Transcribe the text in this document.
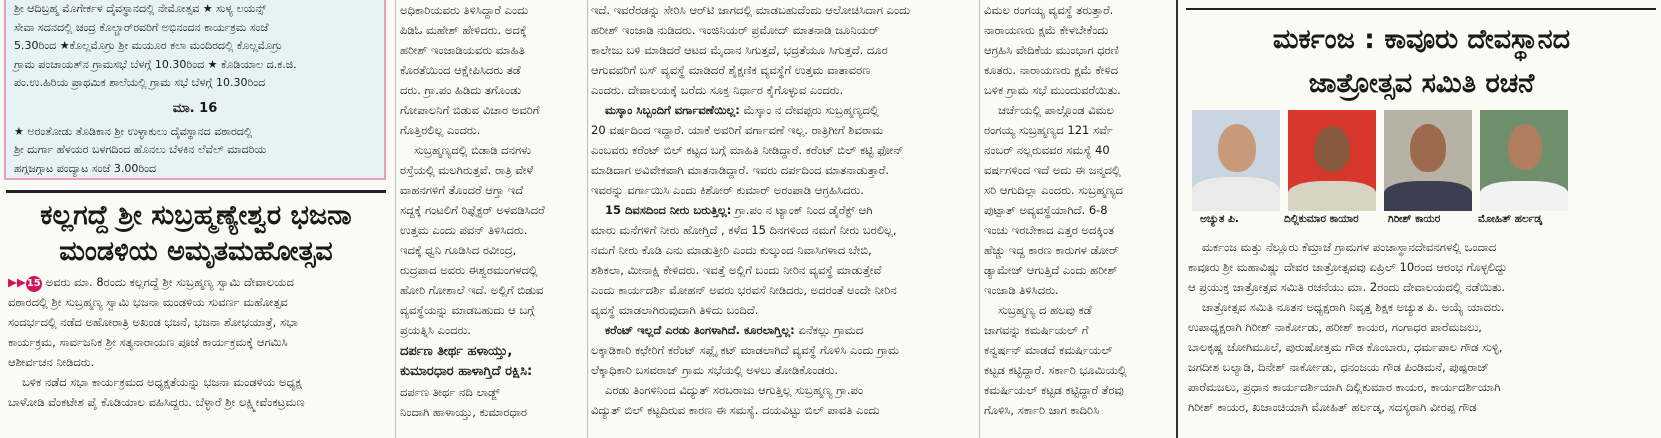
ಶ್ರೀ ಆದಿಬ್ರಹ್ಮ ಮೊಗೇರ್ಕಳ ದೈವಸ್ಥಾನದಲ್ಲಿ ನೇಮೋತ್ಸವ ★ ಸುಳ್ಯ ಲಯನ್ಸ್

ಸೇವಾ ಸದನದಲ್ಲಿ ಚಂದ್ರ ಕೊಲ್ಚಾರ್‌ರವರಿಗೆ ಅಭಿನಂದನ ಕಾರ್ಯಕ್ರಮ ಸಂಜೆ

5.30ರಿಂದ ★ಕೊಲ್ಲಮೊಗ್ರು ಶ್ರೀ ಮಯೂರ ಕಲಾ ಮಂದಿರದಲ್ಲಿ ಕೊಲ್ಲಮೊಗ್ರು

ಗ್ರಾಮ ಪಂಚಾಯತ್‌ನ ಗ್ರಾಮಸಭೆ ಬೆಳಗ್ಗೆ 10.30ರಿಂದ ★ ಕೊಡಿಯಾಲ ದ.ಕ.ಜಿ.

ಪಂ.ಉ.ಹಿರಿಯ ಪ್ರಾಥಮಿಕ ಶಾಲೆಯಲ್ಲಿ ಗ್ರಾಮ ಸಭೆ ಬೆಳಗ್ಗೆ 10.30ರಿಂದ

ಮಾ. 16

★ ಅರಂತೋಡು ತೊಡಿಕಾನ ಶ್ರೀ ಉಳ್ಳಾಕುಲು ದೈವಸ್ಥಾನದ ವಠಾರದಲ್ಲಿ

ಶ್ರೀ ದುರ್ಗಾ ಹೆಳಯರ ಬಳಗದಿಂದ ಹೊನಲು ಬೆಳಕಿನ ಲೆವೆಲ್ ಮಾದರಿಯ

ಹಗ್ಗಜಗ್ಗಾಟ ಪಂದ್ಯಾಟ ಸಂಜೆ 3.00ರಿಂದ

ಕಲ್ಲಗದ್ದೆ ಶ್ರೀ ಸುಬ್ರಹ್ಮಣ್ಯೇಶ್ವರ ಭಜನಾ

ಮಂಡಳಿಯ ಅಮೃತಮಹೋತ್ಸವ

▶▶15 ಅವರು ಮಾ. 8ರಂದು ಕಲ್ಲಗದ್ದೆ ಶ್ರೀ ಸುಬ್ರಹ್ಮಣ್ಯ ಸ್ವಾಮಿ ದೇವಾಲಯದ

ವಠಾರದಲ್ಲಿ ಶ್ರೀ ಸುಬ್ರಹ್ಮಣ್ಯ ಸ್ವಾಮಿ ಭಜನಾ ಮಂಡಳಿಯ ಸುವರ್ಣ ಮಹೋತ್ಸವ

ಸಂದರ್ಭದಲ್ಲಿ ನಡೆದ ಅಹೋರಾತ್ರಿ ಅಖಂಡ ಭಜನೆ, ಭಜನಾ ಶೋಭಯಾತ್ರೆ, ಸಭಾ

ಕಾರ್ಯಕ್ರಮ, ಸಾರ್ವಜನಿಕ ಶ್ರೀ ಸತ್ಯನಾರಾಯಣ ಪೂಜೆ ಕಾರ್ಯಕ್ರಮಕ್ಕೆ ಆಗಮಿಸಿ

ಆಶೀರ್ವಚನ ನೀಡಿದರು.

ಬಳಿಕ ನಡೆದ ಸಭಾ ಕಾರ್ಯಕ್ರಮದ ಅಧ್ಯಕ್ಷತೆಯನ್ನು ಭಜನಾ ಮಂಡಳಿಯ ಅಧ್ಯಕ್ಷ

ಬಾಳೋಡಿ ವೆಂಕಟೇಶ ಪೈ ಕೊಡಿಯಾಲ ವಹಿಸಿದ್ದರು. ಬೆಳ್ಳಾರೆ ಶ್ರೀ ಲಕ್ಷ್ಮೀವೆಂಕಟ್ರಮಣ

ಅಧಿಕಾರಿಯವರು ತಿಳಿಸಿದ್ದಾರೆ ಎಂದು

ಪಿಡಿಓ ಮಹೇಶ್ ಹೇಳಿದರು. ಅದಕ್ಕೆ

ಹರೀಶ್ ಇಂಜಾಡಿಯವರು ಮಾಹಿತಿ

ಕೊರತೆಯಿಂದ ಆಕ್ಷೇಪಿಸಿದರು ತಡೆ

ದರು. ಗ್ರಾ.ಪಂ ಹಿಡಿದು ತಗೊಂಡು

ಗೋಪಾಲನಿಗೆ ಬಿಡುವ ವಿಚಾರ ಅವರಿಗೆ

ಗೊತ್ತಿರಲಿಲ್ಲ ಎಂದರು.

ಸುಬ್ರಹ್ಮಣ್ಯದಲ್ಲಿ ಬಿಡಾಡಿ ದನಗಳು

ರಸ್ತೆಯಲ್ಲಿ ಮಲಗಿರುತ್ತವೆ. ರಾತ್ರಿ ವೇಳೆ

ವಾಹನಗಳಿಗೆ ತೊಂದರೆ ಆಗ್ತಾ ಇದೆ

ಸದ್ದಕ್ಕೆ ಗಂಟಲಿಗೆ ರಿಫ್ಲೆಕ್ಟರ್ ಅಳವಡಿಸಿದರೆ

ಉತ್ತಮ ಎಂದು ಪವನ್ ತಿಳಿಸಿದರು.

ಇದಕ್ಕೆ ಧ್ವನಿ ಗೂಡಿಸಿದ ರವೀಂದ್ರ,

ರುದ್ರಪಾದ ಅವರು ಈಶ್ವರಮಂಗಳದಲ್ಲಿ

ಹೋರಿ ಗೋಶಾಲೆ ಇದೆ. ಅಲ್ಲಿಗೆ ಬಿಡುವ

ವ್ಯವಸ್ಥೆಯನ್ನು ಮಾಡಬಹುದು ಆ ಬಗ್ಗೆ

ಪ್ರಯತ್ನಿಸಿ ಎಂದರು.

ದರ್ಪಣ ತೀರ್ಥ ಹಳಾಯ್ತು,

ಕುಮಾರಧಾರ ಹಾಳಾಗ್ತಿದೆ ರಕ್ಷಿಸಿ:

ದರ್ಪಣ ತೀರ್ಥ ನದಿ ಲಾಡ್ಜ್

ನಿಂದಾಗಿ ಹಾಳಾಯ್ತು, ಕುಮಾರಧಾರ

ಇದೆ. ಇವರೆರಡನ್ನು ಸೇರಿಸಿ ಆರ್‌ಟಿ ಜಾಗದಲ್ಲಿ ಮಾಡಬಹುದೆಂದು ಆಲೋಚಿಸಿದಾಗ ಎಂದು

ಹರೀಶ್ ಇಂಜಾಡಿ ನುಡಿದರು. ಇಂಜಿನಿಯರ್ ಪ್ರಮೋದ್ ಮಾತನಾಡಿ ಜೂನಿಯರ್

ಕಾಲೇಜು ಬಳಿ ಮಾಡಿದರೆ ಆಟದ ಮೈದಾನ ಸಿಗುತ್ತದೆ, ಭದ್ರತೆಯೂ ಸಿಗುತ್ತದೆ. ದೂರ

ಆಗುವವರಿಗೆ ಬಸ್ ವ್ಯವಸ್ಥೆ ಮಾಡಿದರೆ ಶೈಕ್ಷಣಿಕ ವ್ಯವಸ್ಥೆಗೆ ಉತ್ತಮ ವಾತಾವರಣ

ಎಂದರು. ದೇವಾಲಯಕ್ಕೆ ಬರೆದು ಸೂಕ್ತ ನಿರ್ಧಾರ ಕೈಗೊಳ್ಳುವ ಎಂದರು.

ಮಸ್ಕಾಂ ಸಿಬ್ಬಂದಿಗೆ ವರ್ಗಾವಣೆಯಿಲ್ಲ: ಮೆಸ್ಕಾಂ ನ ದೇವಪ್ಪರು ಸುಬ್ರಹ್ಮಣ್ಯದಲ್ಲಿ

20 ವರ್ಷದಿಂದ ಇದ್ದಾರೆ. ಯಾಕೆ ಅವರಿಗೆ ವರ್ಗಾವಣೆ ಇಲ್ಲ. ರಾತ್ರಿಗೀಗೆ ಶಿವರಾಮ

ಎಂಬವರು ಕರೆಂಟ್ ಬಿಲ್ ಕಟ್ಟದ ಬಗ್ಗೆ ಮಾಹಿತಿ ನೀಡಿದ್ದಾರೆ. ಕರೆಂಟ್ ಬಿಲ್ ಕಟ್ಟಿ ಫೋನ್

ಮಾಡಿದಾಗ ಅವಿವೇಕವಾಗಿ ಮಾತನಾಡಿದ್ದಾರೆ. ಇವರು ದರ್ಪದಿಂದ ಮಾತನಾಡುತ್ತಾರೆ.

ಇವರನ್ನು ವರ್ಗಾಯಿಸಿ ಎಂದು ಕಿಶೋರ್ ಕುಮಾರ್ ಅರಂಪಾಡಿ ಆಗ್ರಹಿಸಿದರು.

15 ದಿವಸದಿಂದ ನೀರು ಬರುತ್ತಿಲ್ಲ: ಗ್ರಾ.ಪಂ ನ ಟ್ಯಾಂಕ್ ನಿಂದ ಡೈರೆಕ್ಟ್ ಆಗಿ

ಮಾರು ಮನೆಗಳಿಗೆ ನೀರು ಹೋಗ್ತಿದೆ , ಕಳೆದ 15 ದಿನಗಳಿಂದ ನಮಗೆ ನೀರು ಬರಲಿಲ್ಲ,

ನಮಗೆ ನೀರು ಕೊಡಿ ಎನು ಮಾಡುತ್ತೀರಿ ಎಂದು ಕುಲ್ಕುಂದ ನಿವಾಸಿಗಳಾದ ಬೇಬಿ,

ಶಶಿಕಲಾ, ಮೀನಾಕ್ಷಿ ಕೇಳಿದರು. ಇವತ್ತೆ ಅಲ್ಲಿಗೆ ಬಂದು ನೀರಿನ ವ್ಯವಸ್ಥೆ ಮಾಡುತ್ತೇವೆ

ಎಂದು ಕಾರ್ಯದರ್ಶಿ ಮೋಹನ್ ಅವರು ಭರವಸೆ ನೀಡಿದರು, ಅದರಂತೆ ಅಂದೇ ನೀರಿನ

ವ್ಯವಸ್ಥೆ ಮಾಡಲಾಗಿರುವುದಾಗಿ ತಿಳಿದು ಬಂದಿದೆ.

ಕರೆಂಟ್ ಇಲ್ಲದೆ ಎರಡು ತಿಂಗಳಾಗಿದೆ. ಕೂರಲಾಗ್ತಿಲ್ಲ: ಏನೆಕಲ್ಲು ಗ್ರಾಮದ

ಲಕ್ಕಾಡಿಕಾರಿ ಕಛೇರಿಗೆ ಕರೆಂಟ್ ಸಪ್ಲೈ ಕಟ್ ಮಾಡಲಾಗಿದೆ ವ್ಯವಸ್ಥೆ ಗೊಳಿಸಿ ಎಂದು ಗ್ರಾಮ

ಲೆಕ್ಕಾಧಿಕಾರಿ ಬಸವರಾಜ್ ಗ್ರಾಮ ಸಭೆಯಲ್ಲಿ ಅಳಲು ತೋಡಿಕೊಂಡರು.

ಎರಡು ತಿಂಗಳಿನಿಂದ ವಿದ್ಯುತ್ ಸರಬರಾಜು ಆಗುತ್ತಿಲ್ಲ ಸುಬ್ರಹ್ಮಣ್ಯ ಗ್ರಾ.ಪಂ

ವಿದ್ಯುತ್ ಬಿಲ್ ಕಟ್ಟದಿರುವ ಕಾರಣ ಈ ಸಮಸ್ಯೆ. ದಯವಿಟ್ಟು ಬಿಲ್ ಪಾವತಿ ಎಂದು

ವಿಮಲ ರಂಗಯ್ಯ ವ್ಯವಸ್ಥೆ ತರುತ್ತಾರೆ.

ನಾರಾಯಣರು ಕ್ಷಮೆ ಕೇಳಬೇಕೆಂದು

ಆಗ್ರಹಿಸಿ ವೇದಿಕೆಯ ಮುಂಭಾಗ ಧರಣಿ

ಕೂತರು. ನಾರಾಯಣರು ಕ್ಷಮೆ ಕೇಳಿದ

ಬಳಿಕ ಗ್ರಾಮ ಸಭೆ ಮುಂದುವರೆಯಿತು.

ಚರ್ಚೆಯಲ್ಲಿ ಪಾಲ್ಗೊಂಡ ವಿಮಲ

ರಂಗಯ್ಯ ಸುಬ್ರಹ್ಮಣ್ಯದ 121 ಸರ್ವೆ

ನಂಬರ್ ನಲ್ಲರುವವರ ಸಮಸ್ಯೆ 40

ವರ್ಷಗಳಿಂದ ಇದೆ ಅದು ಈ ಜನ್ಮದಲ್ಲಿ

ಸರಿ ಆಗುದಿಲ್ಲಾ ಎಂದರು. ಸುಬ್ರಹ್ಮಣ್ಯದ

ಪುಟ್ಪಾತ್ ಅವ್ಯವಸ್ಥೆಯಾಗಿದೆ. 6-8

ಇಂಚು ಇರಬೇಕಾದ ಎತ್ತರ ಅದಕ್ಕಿಂತ

ಹೆಚ್ಚು ಇದ್ದ ಕಾರಣ ಕಾರುಗಳ ಡೋರ್

ಡ್ಯಾಮೇಜ್ ಆಗುತ್ತಿದೆ ಎಂದು ಹರೀಶ್

ಇಂಜಾಡಿ ತಿಳಿಸಿದರು.

ಸುಬ್ರಹ್ಮಣ್ಯ ದ ಹಲವು ಕಡೆ

ಜಾಗವನ್ನು ಕಮರ್ಷಿಯಲ್ ಗೆ

ಕನ್ವರ್ಷನ್ ಮಾಡದೆ ಕಮರ್ಷಿಯಲ್

ಕಟ್ಟಡ ಕಟ್ಟಿದ್ದಾರೆ. ಸರ್ಕಾರಿ ಭೂಮಿಯಲ್ಲಿ

ಕಮರ್ಷಿಯಲ್ ಕಟ್ಟಡ ಕಟ್ಟಿದ್ದಾರೆ ತೆರವು

ಗೊಳಿಸಿ, ಸರ್ಕಾರಿ ಜಾಗ ಕಾದಿರಿಸಿ

ಮರ್ಕಂಜ : ಕಾವೂರು ದೇವಸ್ಥಾನದ

ಜಾತ್ರೋತ್ಸವ ಸಮಿತಿ ರಚನೆ

ಅಚ್ಯುತ ಪಿ.	ದಿಲ್ಲಿಕುಮಾರ ಕಾಯಾರ	ಗಿರೀಶ್ ಕಾಯರ	ಮೋಹಿತ್ ಹರ್ಲಡ್ಕ

ಮರ್ಕಂಜ ಮತ್ತು ನೆಲ್ಲೂರು ಕೆಮ್ರಾಜೆ ಗ್ರಾಮಗಳ ಪಂಚಾಸ್ಥಾನದೇವನಗಳಲ್ಲಿ ಒಂದಾದ

ಕಾವೂರು ಶ್ರೀ ಮಹಾವಿಷ್ಣು ದೇವರ ಜಾತ್ರೋತ್ಸವವು ಏಪ್ರಿಲ್ 10ರಂದ ಆರಂಭ ಗೊಳ್ಳಲಿದ್ದು

ಆ ಪ್ರಯುಕ್ತ ಜಾತ್ರೋತ್ಸವ ಸಮಿತಿ ರಚನೆಯು ಮಾ. 2ರಂದು ದೇವಾಲಯದಲ್ಲಿ ನಡೆಯಿತು.

ಜಾತ್ರೋತ್ಸವ ಸಮಿತಿ ನೂತನ ಅಧ್ಯಕ್ಷರಾಗಿ ನಿವೃತ್ತ ಶಿಕ್ಷಕ ಅಚ್ಯುತ ಪಿ. ಅಯ್ಯೆ ಯಾದರು.

ಉಪಾಧ್ಯಕ್ಷರಾಗಿ ಗಿರೀಶ್ ನಾರ್ಕೋಡು, ಹರೀಶ್ ಕಾಯರ, ಗಂಗಾಧರ ಪಾರೆಮಜಲು,

ಬಾಲಕೃಷ್ಣ ಜೋಗಿಮೂಲೆ, ಪುರುಷೋತ್ತಮ ಗೌಡ ಕೊಂಬಾರು, ಧರ್ಮಪಾಲ ಗೌಡ ಸುಳ್ಳಿ,

ಜಗದೀಶ ಬಲ್ಯಾಡಿ, ದಿನೇಶ್ ನಾರ್ಕೋಡು, ಧನಂಜಯ ಗೌಡ ಪಿಂಡಿಮನೆ, ಪುಷ್ಪರಾಜ್

ಪಾರೆಮಜಲು, ಪ್ರಧಾನ ಕಾರ್ಯದರ್ಶಿಯಾಗಿ ದಿಲ್ಲಿಕುಮಾರ ಕಾಯರ, ಕಾರ್ಯದರ್ಶಿಯಾಗಿ

ಗಿರೀಶ್ ಕಾಯರ, ಖಜಾಂಚಿಯಾಗಿ ಮೋಹಿತ್ ಹರ್ಲಡ್ಕ, ಸದಸ್ಯರಾಗಿ ವೀರಪ್ಪ ಗೌಡ
